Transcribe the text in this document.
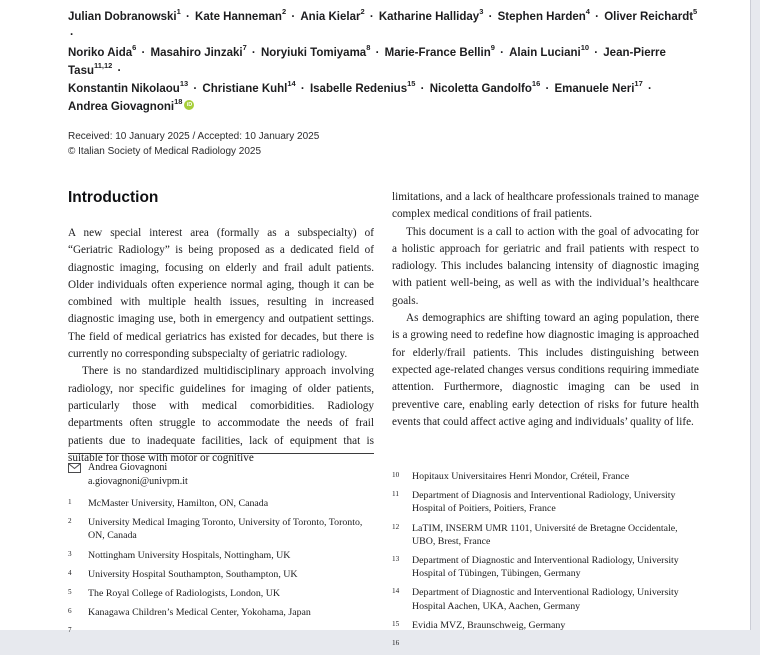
Julian Dobranowski$^1$ · Kate Hanneman$^2$ · Ania Kielar$^2$ · Katharine Halliday$^3$ · Stephen Harden$^4$ · Oliver Reichardt$^5$ ·
Noriko Aida$^6$ · Masahiro Jinzaki$^7$ · Noryiuki Tomiyama$^8$ · Marie-France Bellin$^9$ · Alain Luciani$^{10}$ · Jean-Pierre Tasu$^{11,12}$ ·
Konstantin Nikolaou$^{13}$ · Christiane Kuhl$^{14}$ · Isabelle Redenius$^{15}$ · Nicoletta Gandolfo$^{16}$ · Emanuele Neri$^{17}$ ·
Andrea Giovagnoni$^{18}$ iD

Received: 10 January 2025 / Accepted: 10 January 2025
© Italian Society of Medical Radiology 2025
Introduction

A new special interest area (formally as a subspecialty) of “Geriatric Radiology” is being proposed as a dedicated field of diagnostic imaging, focusing on elderly and frail adult patients. Older individuals often experience normal aging, though it can be combined with multiple health issues, resulting in increased diagnostic imaging use, both in emergency and outpatient settings. The field of medical geriatrics has existed for decades, but there is currently no corresponding subspecialty of geriatric radiology.

There is no standardized multidisciplinary approach involving radiology, nor specific guidelines for imaging of older patients, particularly those with medical comorbidities. Radiology departments often struggle to accommodate the needs of frail patients due to inadequate facilities, lack of equipment that is suitable for those with motor or cognitive

limitations, and a lack of healthcare professionals trained to manage complex medical conditions of frail patients.

This document is a call to action with the goal of advocating for a holistic approach for geriatric and frail patients with respect to radiology. This includes balancing intensity of diagnostic imaging with patient well-being, as well as with the individual’s healthcare goals.

As demographics are shifting toward an aging population, there is a growing need to redefine how diagnostic imaging is approached for elderly/frail patients. This includes distinguishing between expected age-related changes versus conditions requiring immediate attention. Furthermore, diagnostic imaging can be used in preventive care, enabling early detection of risks for future health events that could affect active aging and individuals’ quality of life.

Andrea Giovagnoni
a.giovagnoni@univpm.it
1	McMaster University, Hamilton, ON, Canada
2	University Medical Imaging Toronto, University of Toronto, Toronto, ON, Canada
3	Nottingham University Hospitals, Nottingham, UK
4	University Hospital Southampton, Southampton, UK
5	The Royal College of Radiologists, London, UK
6	Kanagawa Children’s Medical Center, Yokohama, Japan
7
10	Hopitaux Universitaires Henri Mondor, Créteil, France
11	Department of Diagnosis and Interventional Radiology, University Hospital of Poitiers, Poitiers, France
12	LaTIM, INSERM UMR 1101, Université de Bretagne Occidentale, UBO, Brest, France
13	Department of Diagnostic and Interventional Radiology, University Hospital of Tübingen, Tübingen, Germany
14	Department of Diagnostic and Interventional Radiology, University Hospital Aachen, UKA, Aachen, Germany
15	Evidia MVZ, Braunschweig, Germany
16
